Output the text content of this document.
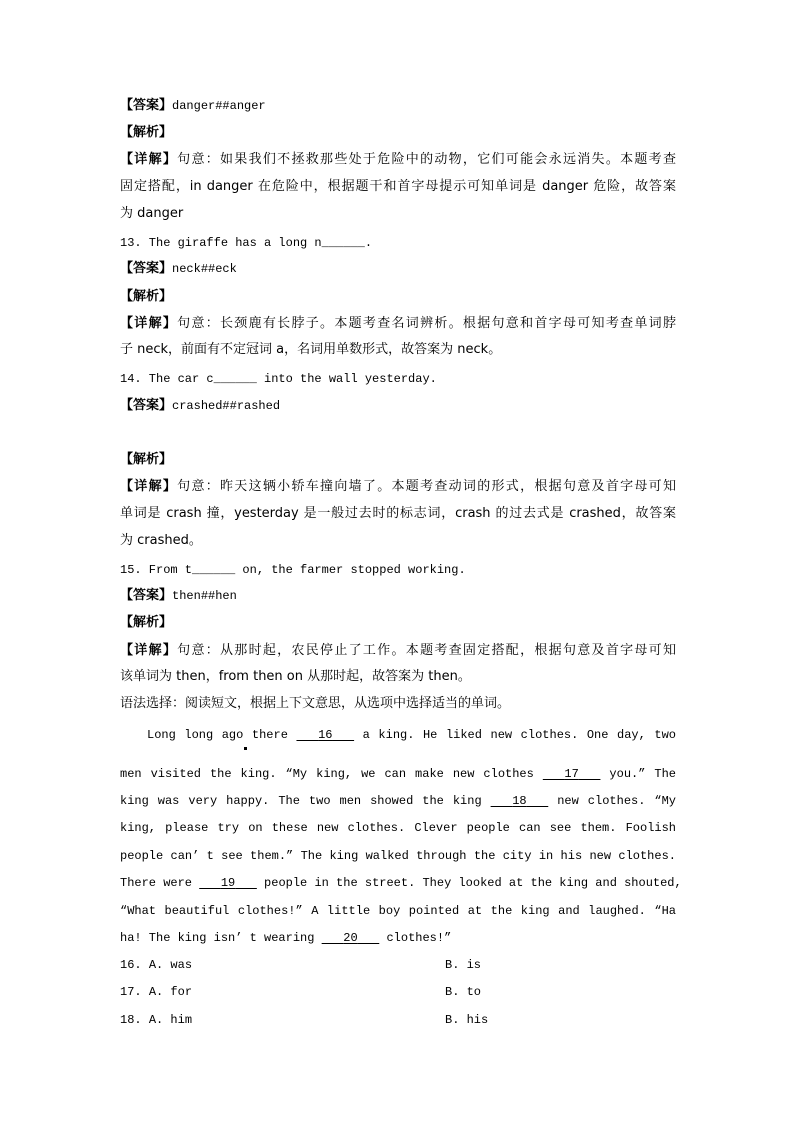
【答案】danger##anger
【解析】
【详解】句意：如果我们不拯救那些处于危险中的动物，它们可能会永远消失。本题考查
固定搭配，in danger 在危险中，根据题干和首字母提示可知单词是 danger 危险，故答案
为 danger
13. The giraffe has a long n______.
【答案】neck##eck
【解析】
【详解】句意：长颈鹿有长脖子。本题考查名词辨析。根据句意和首字母可知考查单词脖
子 neck，前面有不定冠词 a，名词用单数形式，故答案为 neck。
14. The car c______ into the wall yesterday.
【答案】crashed##rashed
【解析】
【详解】句意：昨天这辆小轿车撞向墙了。本题考查动词的形式，根据句意及首字母可知
单词是 crash 撞，yesterday 是一般过去时的标志词，crash 的过去式是 crashed，故答案
为 crashed。
15. From t______ on, the farmer stopped working.
【答案】then##hen
【解析】
【详解】句意：从那时起，农民停止了工作。本题考查固定搭配，根据句意及首字母可知
该单词为 then，from then on 从那时起，故答案为 then。
语法选择：阅读短文，根据上下文意思，从选项中选择适当的单词。
Long long ago there    16    a king. He liked new clothes. One day, two
men visited the king. “My king, we can make new clothes    17    you.” The
king was very happy. The two men showed the king    18    new clothes. “My
king, please try on these new clothes. Clever people can see them. Foolish
people can’ t see them.” The king walked through the city in his new clothes.
There were    19    people in the street. They looked at the king and shouted,
“What beautiful clothes!” A little boy pointed at the king and laughed. “Ha
ha! The king isn’ t wearing    20    clothes!”
16. A. was	B. is
17. A. for	B. to
18. A. him	B. his
